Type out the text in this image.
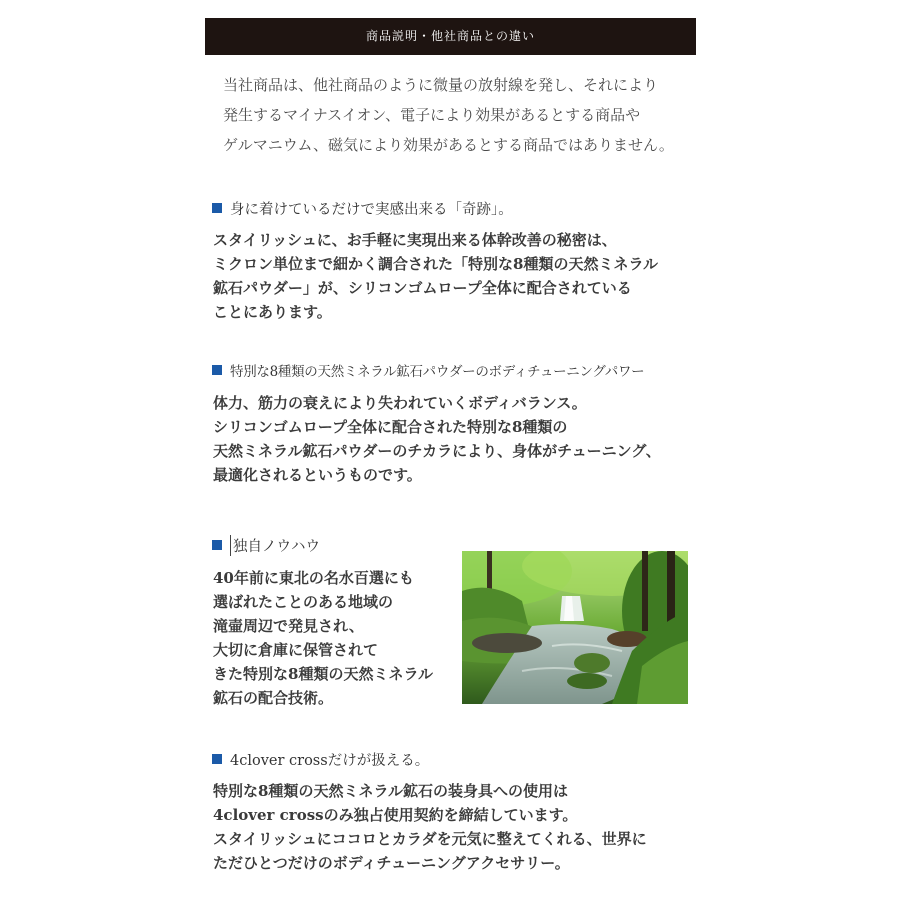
商品説明・他社商品との違い

当社商品は、他社商品のように微量の放射線を発し、それにより

発生するマイナスイオン、電子により効果があるとする商品や

ゲルマニウム、磁気により効果があるとする商品ではありません。

身に着けているだけで実感出来る「奇跡」。

スタイリッシュに、お手軽に実現出来る体幹改善の秘密は、

ミクロン単位まで細かく調合された「特別な8種類の天然ミネラル

鉱石パウダー」が、シリコンゴムロープ全体に配合されている

ことにあります。

特別な8種類の天然ミネラル鉱石パウダーのボディチューニングパワー

体力、筋力の衰えにより失われていくボディバランス。

シリコンゴムロープ全体に配合された特別な8種類の

天然ミネラル鉱石パウダーのチカラにより、身体がチューニング、

最適化されるというものです。

独自ノウハウ

40年前に東北の名水百選にも

選ばれたことのある地域の

滝壷周辺で発見され、

大切に倉庫に保管されて

きた特別な8種類の天然ミネラル

鉱石の配合技術。

4clover crossだけが扱える。

特別な8種類の天然ミネラル鉱石の装身具への使用は

4clover crossのみ独占使用契約を締結しています。

スタイリッシュにココロとカラダを元気に整えてくれる、世界に

ただひとつだけのボディチューニングアクセサリー。
